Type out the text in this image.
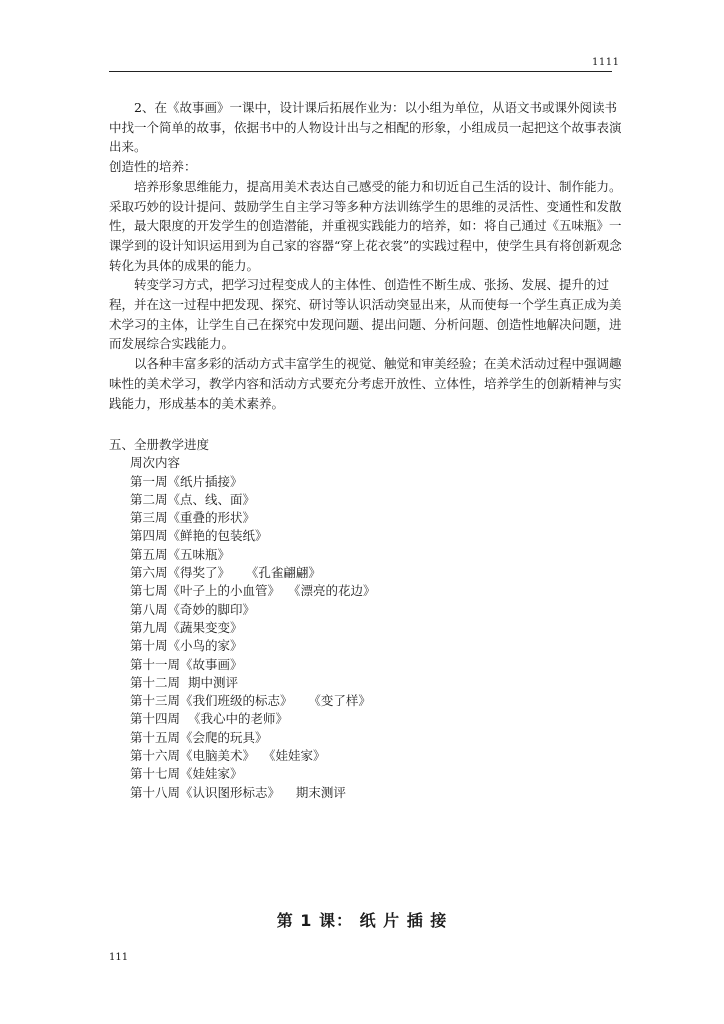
1111

2、在《故事画》一课中，设计课后拓展作业为：以小组为单位，从语文书或课外阅读书中找一个简单的故事，依据书中的人物设计出与之相配的形象，小组成员一起把这个故事表演出来。

创造性的培养：

培养形象思维能力，提高用美术表达自己感受的能力和切近自己生活的设计、制作能力。

采取巧妙的设计提问、鼓励学生自主学习等多种方法训练学生的思维的灵活性、变通性和发散性，最大限度的开发学生的创造潜能，并重视实践能力的培养，如：将自己通过《五味瓶》一课学到的设计知识运用到为自己家的容器“穿上花衣裳”的实践过程中，使学生具有将创新观念转化为具体的成果的能力。

转变学习方式，把学习过程变成人的主体性、创造性不断生成、张扬、发展、提升的过程，并在这一过程中把发现、探究、研讨等认识活动突显出来，从而使每一个学生真正成为美术学习的主体，让学生自己在探究中发现问题、提出问题、分析问题、创造性地解决问题，进而发展综合实践能力。

以各种丰富多彩的活动方式丰富学生的视觉、触觉和审美经验；在美术活动过程中强调趣味性的美术学习，教学内容和活动方式要充分考虑开放性、立体性，培养学生的创新精神与实践能力，形成基本的美术素养。

五、全册教学进度
周次内容
第一周《纸片插接》
第二周《点、线、面》
第三周《重叠的形状》
第四周《鲜艳的包装纸》
第五周《五味瓶》
第六周《得奖了》    《孔雀翩翩》
第七周《叶子上的小血管》  《漂亮的花边》
第八周《奇妙的脚印》
第九周《蔬果变变》
第十周《小鸟的家》
第十一周《故事画》
第十二周  期中测评
第十三周《我们班级的标志》    《变了样》
第十四周  《我心中的老师》
第十五周《会爬的玩具》
第十六周《电脑美术》  《娃娃家》
第十七周《娃娃家》
第十八周《认识图形标志》    期末测评
第 1 课： 纸 片 插 接
111
